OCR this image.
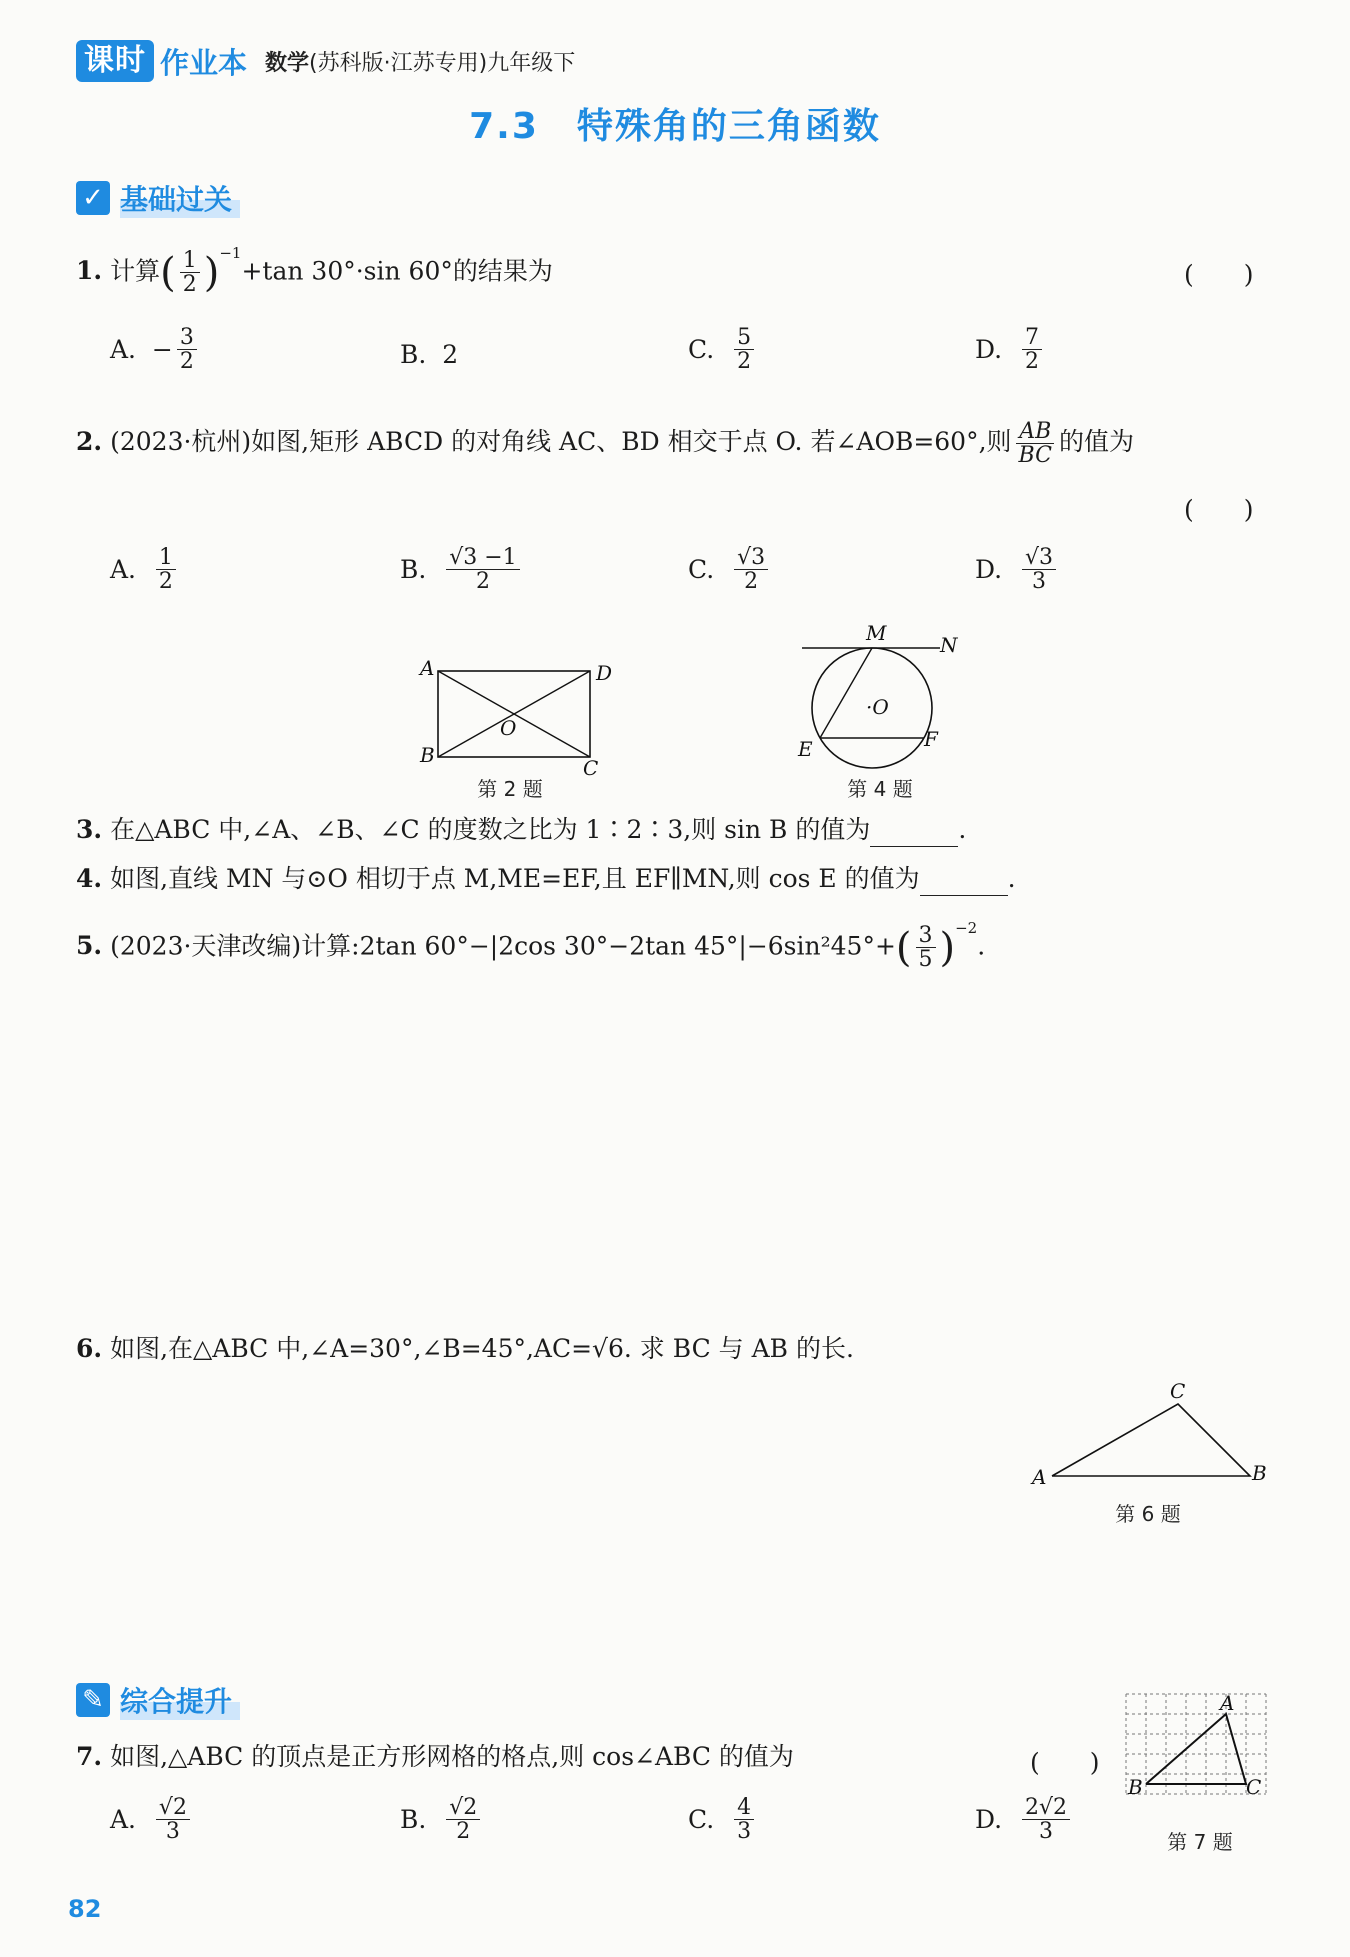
课时 作业本 数学(苏科版·江苏专用)九年级下
7.3　特殊角的三角函数
✓ 基础过关
1. 计算( $\frac{1}{2} )^{-1}+\tan$ 30°·sin 60°的结果为	(　　)
A.
− $\frac{3}{2}$	B.
2	C.
$\frac{5}{2}$	D.
$\frac{7}{2}$
2. (2023·杭州)如图,矩形 ABCD 的对角线 AC、BD 相交于点 O. 若∠AOB=60°,则 $\frac{AB}{BC}$ 的值为
(　　)
A.
$\frac{1}{2}$	B.
$\frac{√3 -1}{2}$	C.
$\frac{√3}{2}$	D.
$\frac{√3}{3}$
A	D
B
C
O
第 2 题
M	N
·O
E	F
第 4 题
3. 在△ABC 中,∠A、∠B、∠C 的度数之比为 1∶2∶3,则 sin B 的值为	.
4. 如图,直线 MN 与⊙O 相切于点 M,ME=EF,且 EF∥MN,则 cos E 的值为	.
5. (2023·天津改编)计算:2tan 60°−|2cos 30°−2tan $45^\circ|-6\sin^245^\circ+( \frac{3}{5} )^{-2}$.
6. 如图,在△ABC 中,∠A=30°,∠B=45°,AC=√6. 求 BC 与 AB 的长.
C
A	B
第 6 题
✎ 综合提升	A
B	C
第 7 题
7. 如图,△ABC 的顶点是正方形网格的格点,则 cos∠ABC 的值为	(　　)
A.
$\frac{√2}{3}$	B.
$\frac{√2}{2}$	C.
$\frac{4}{3}$	D.
$\frac{2√2}{3}$
82
